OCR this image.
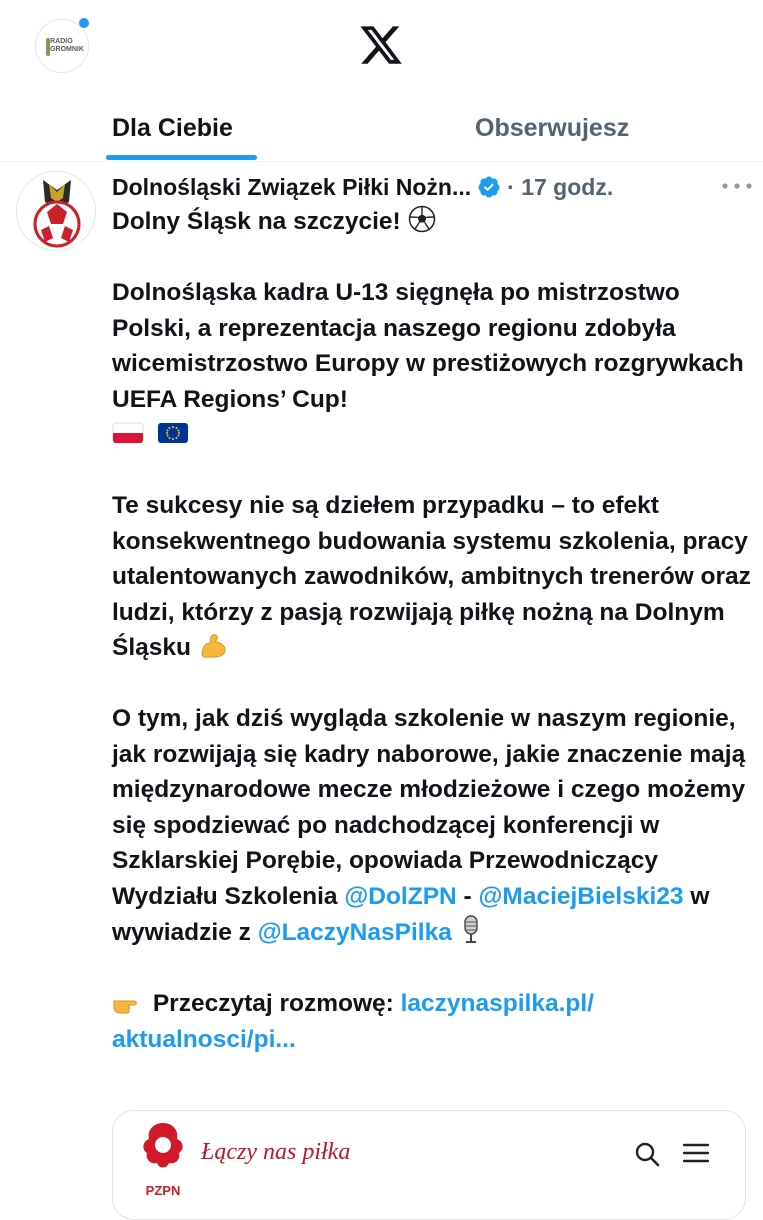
RADIO
GROMNIK
Dla Ciebie	Obserwujesz
Dolnośląski Związek Piłki Nożn... · 17 godz.

Dolny Śląsk na szczycie!

Dolnośląska kadra U-13 sięgnęła po mistrzostwo Polski, a reprezentacja naszego regionu zdobyła wicemistrzostwo Europy w prestiżowych rozgrywkach UEFA Regions’ Cup!

Te sukcesy nie są dziełem przypadku – to efekt konsekwentnego budowania systemu szkolenia, pracy utalentowanych zawodników, ambitnych trenerów oraz ludzi, którzy z pasją rozwijają piłkę nożną na Dolnym Śląsku

O tym, jak dziś wygląda szkolenie w naszym regionie, jak rozwijają się kadry naborowe, jakie znaczenie mają międzynarodowe mecze młodzieżowe i czego możemy się spodziewać po nadchodzącej konferencji w Szklarskiej Porębie, opowiada Przewodniczący Wydziału Szkolenia @DolZPN - @MaciejBielski23 w wywiadzie z @LaczyNasPilka

Przeczytaj rozmowę: laczynaspilka.pl/
aktualnosci/pi...

PZPN
Łączy nas piłka
